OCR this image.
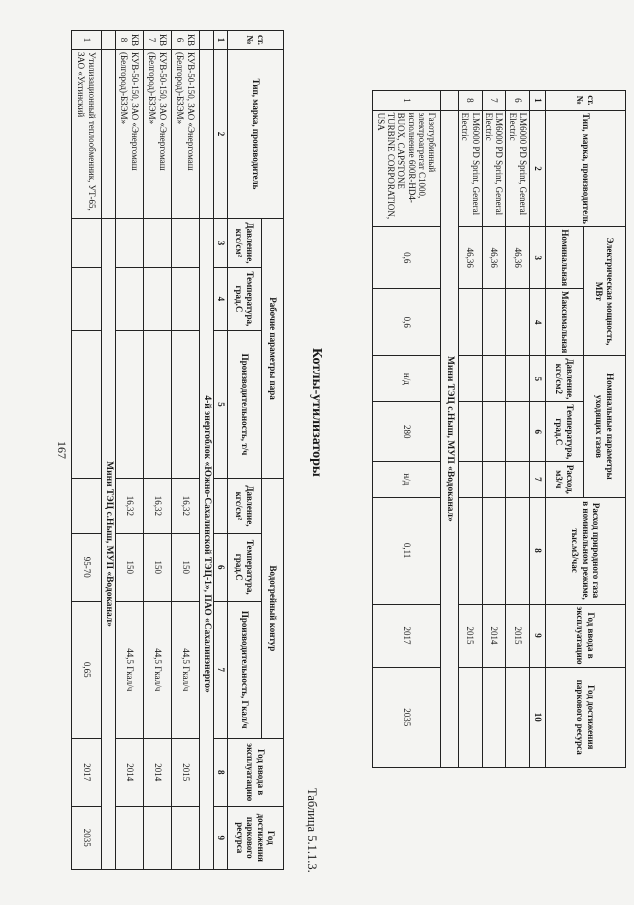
167
ст. №	Тип, марка, производитель	Электрическая мощность, МВт		Номинальные параметры уходящих газов			Расход природного газа в номинальном режиме, тыс.м3/час	Год ввода в эксплуатацию	Год достижения паркового ресурса
		Номинальная	Максимальная	Давление, кгс/см2	Температура, град.С	Расход, м3/ч			
1	2	3	4	5	6	7	8	9	10
6	LM6000 PD Sprint, General Electric	46,36						2015	
7	LM6000 PD Sprint, General Electric	46,36						2014	
8	LM6000 PD Sprint, General Electric	46,36						2015	
	Мини ТЭЦ с.Ныш, МУП «Водоканал»								
1	Газотурбинный электроагрегат C1000, исполнение 600R-HD4-BUOX, CAPSTONE TURBINE CORPORATION, USA	0,6	0,6	н/д	280	н/д	0,11	2017	2035
Таблица 5.1.1.3.
Котлы-утилизаторы
ст. №	Тип, марка, производитель	Рабочие параметры пара			Водогрейный контур			Год ввода в эксплуатацию	Год достижения паркового ресурса
		Давление, кгс/см²	Температура, град.С	Производительность, т/ч	Давление, кгс/см²	Температура, град.С	Производительность, Гкал/ч		
1	2	3	4	5		6	7	8	9
		4-й энергоблок «Южно-Сахалинской ТЭЦ-1», ПАО «Сахалинэнерго»							
КВ 6	КУВ-50-150, ЗАО «Энергомаш (Белгород)-БЗЭМ»				16,32	150	44,5 Гкал/ч	2015	
КВ 7	КУВ-50-150, ЗАО «Энергомаш (Белгород)-БЗЭМ»				16,32	150	44,5 Гкал/ч	2014	
КВ 8	КУВ-50-150, ЗАО «Энергомаш (Белгород)-БЗЭМ»				16,32	150	44,5 Гкал/ч	2014	
		Мини ТЭЦ с.Ныш, МУП «Водоканал»							
1	Утилизационный теплообменник, УТ-65, ЗАО «Ухтинский					95-70	0,65	2017	2035
